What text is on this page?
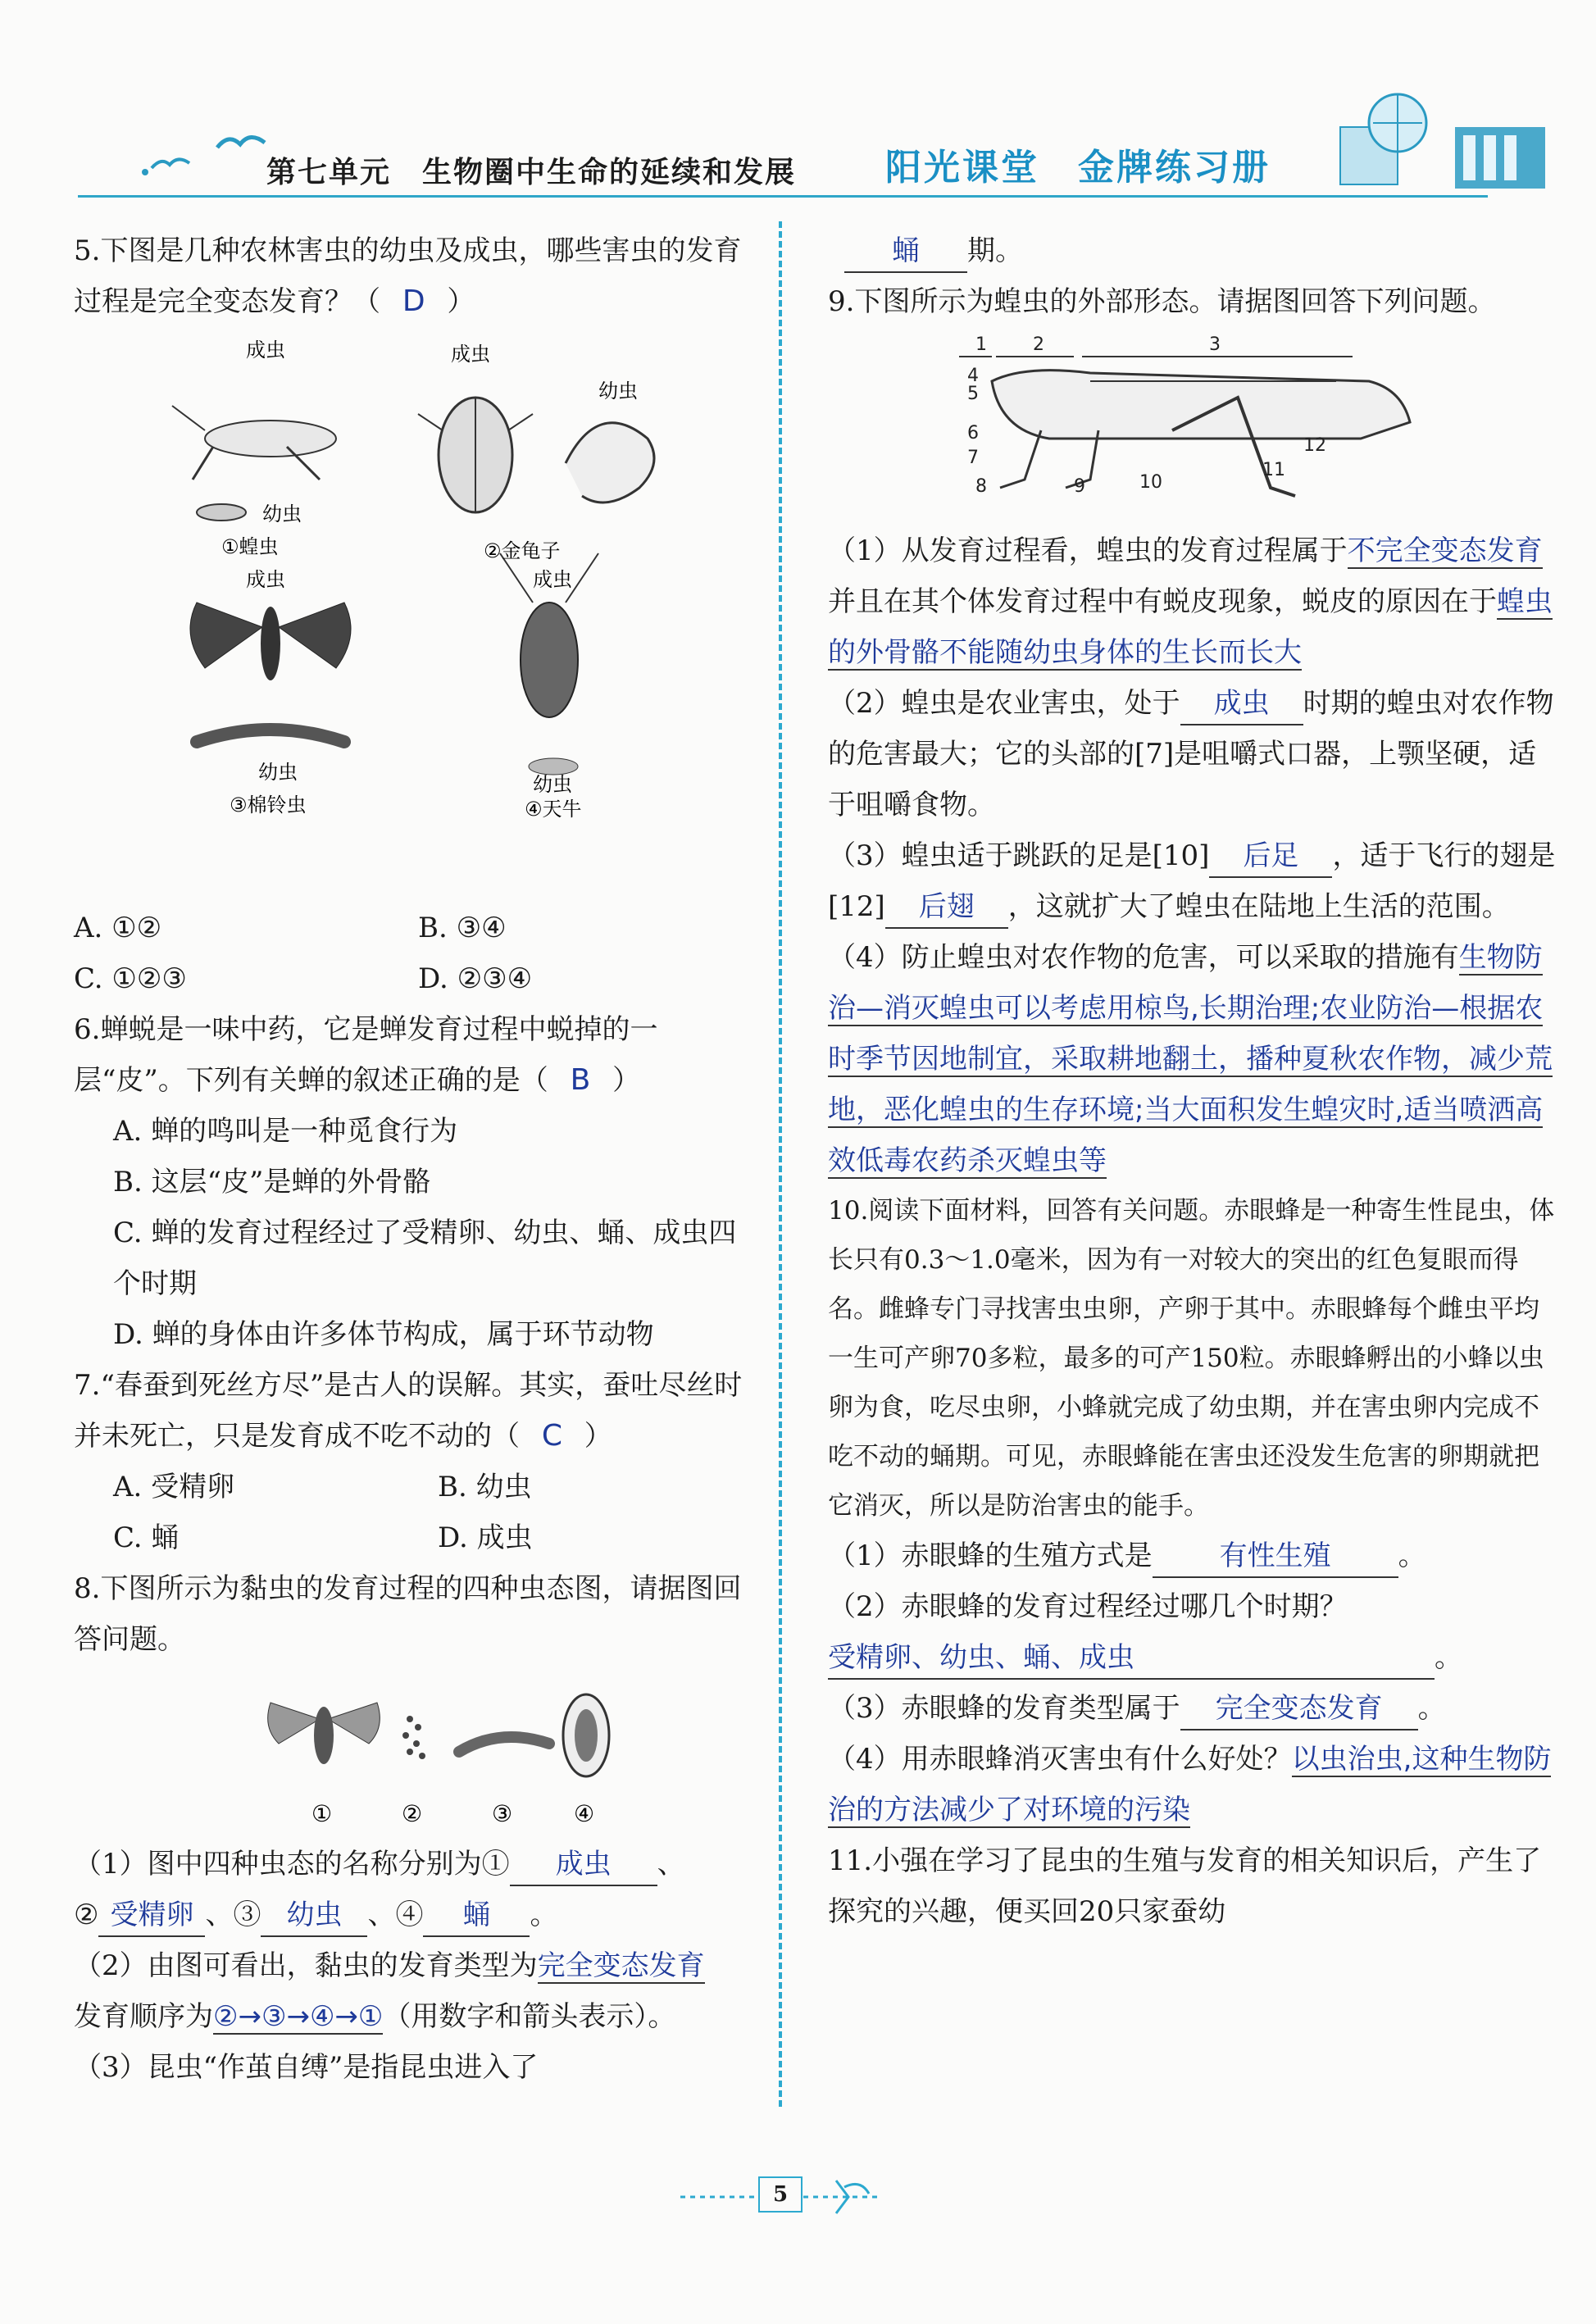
第七单元　生物圈中生命的延续和发展 阳光课堂　金牌练习册

5.下图是几种农林害虫的幼虫及成虫，哪些害虫的发育过程是完全变态发育？（ D ）

成虫
幼虫
①蝗虫
成虫
幼虫
②金龟子
成虫
幼虫
③棉铃虫
成虫
幼虫
④天牛
A. ①②	B. ③④
C. ①②③	D. ②③④

6.蝉蜕是一味中药，它是蝉发育过程中蜕掉的一层“皮”。下列有关蝉的叙述正确的是（ B ）

A. 蝉的鸣叫是一种觅食行为
B. 这层“皮”是蝉的外骨骼
C. 蝉的发育过程经过了受精卵、幼虫、蛹、成虫四个时期
D. 蝉的身体由许多体节构成，属于环节动物

7.“春蚕到死丝方尽”是古人的误解。其实，蚕吐尽丝时并未死亡，只是发育成不吃不动的（ C ）

A. 受精卵	B. 幼虫
C. 蛹	D. 成虫

8.下图所示为黏虫的发育过程的四种虫态图，请据图回答问题。

①	②	③	④
（1）图中四种虫态的名称分别为① 成虫 、
② 受精卵 、③ 幼虫 、④ 蛹 。
（2）由图可看出，黏虫的发育类型为完全变态发育
发育顺序为②→③→④→①（用数字和箭头表示）。
（3）昆虫“作茧自缚”是指昆虫进入了
蛹 期。

9.下图所示为蝗虫的外部形态。请据图回答下列问题。

1	2	3
4
5
6
7
8	9	10
11
12
（1）从发育过程看，蝗虫的发育过程属于不完全变态发育 并且在其个体发育过程中有蜕皮现象，蜕皮的原因在于蝗虫的外骨骼不能随幼虫身体的生长而长大
（2）蝗虫是农业害虫，处于 成虫 时期的蝗虫对农作物的危害最大；它的头部的[7]是咀嚼式口器，上颚坚硬，适于咀嚼食物。
（3）蝗虫适于跳跃的足是[10] 后足 ，适于飞行的翅是[12] 后翅 ，这就扩大了蝗虫在陆地上生活的范围。
（4）防止蝗虫对农作物的危害，可以采取的措施有生物防治—消灭蝗虫可以考虑用椋鸟,长期治理;农业防治—根据农时季节因地制宜，采取耕地翻土，播种夏秋农作物，减少荒地，恶化蝗虫的生存环境;当大面积发生蝗灾时,适当喷洒高效低毒农药杀灭蝗虫等

10.阅读下面材料，回答有关问题。赤眼蜂是一种寄生性昆虫，体长只有0.3～1.0毫米，因为有一对较大的突出的红色复眼而得名。雌蜂专门寻找害虫虫卵，产卵于其中。赤眼蜂每个雌虫平均一生可产卵70多粒，最多的可产150粒。赤眼蜂孵出的小蜂以虫卵为食，吃尽虫卵，小蜂就完成了幼虫期，并在害虫卵内完成不吃不动的蛹期。可见，赤眼蜂能在害虫还没发生危害的卵期就把它消灭，所以是防治害虫的能手。

（1）赤眼蜂的生殖方式是 有性生殖 。
（2）赤眼蜂的发育过程经过哪几个时期？
受精卵、幼虫、蛹、成虫	。
（3）赤眼蜂的发育类型属于 完全变态发育 。
（4）用赤眼蜂消灭害虫有什么好处？以虫治虫,这种生物防治的方法减少了对环境的污染

11.小强在学习了昆虫的生殖与发育的相关知识后，产生了探究的兴趣，便买回20只家蚕幼

5
